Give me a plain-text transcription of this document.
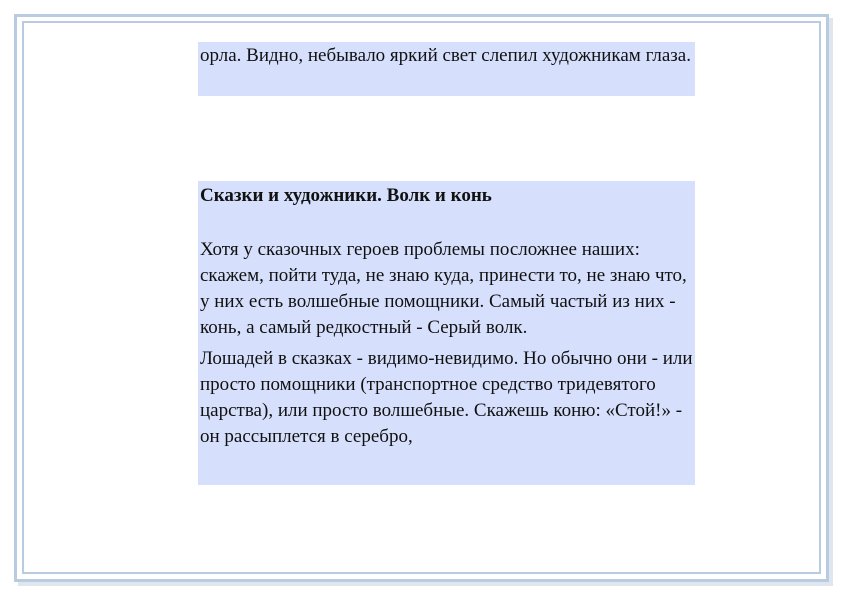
орла. Видно, небывало яркий свет слепил художникам глаза.

Сказки и художники. Волк и конь

Хотя у сказочных героев проблемы посложнее наших: скажем, пойти туда, не знаю куда, принести то, не знаю что, у них есть волшебные помощники. Самый частый из них - конь, а самый редкостный - Серый волк.

Лошадей в сказках - видимо-невидимо. Но обычно они - или просто помощники (транспортное средство тридевятого царства), или просто волшебные. Скажешь коню: «Стой!» - он рассыплется в серебро,
